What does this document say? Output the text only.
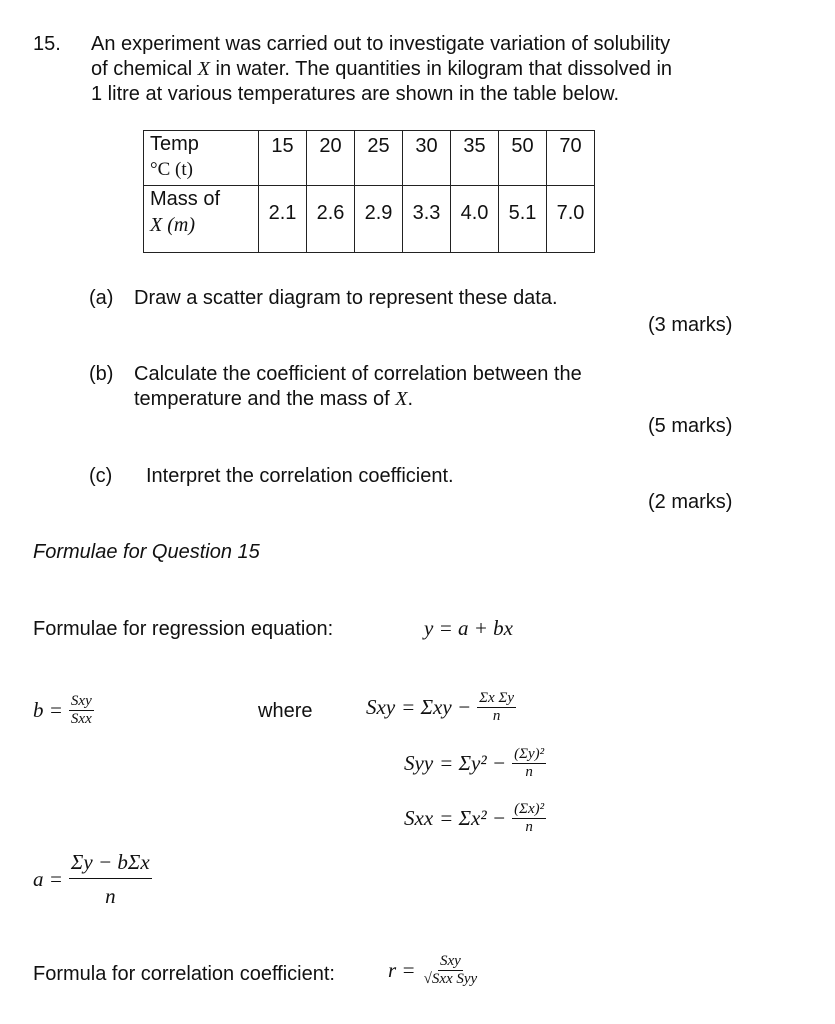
15. An experiment was carried out to investigate variation of solubility
of chemical X in water. The quantities in kilogram that dissolved in
1 litre at various temperatures are shown in the table below.
Temp
°C (t)	15	20	25	30	35	50	70

Mass of
X (m)	2.1	2.6	2.9	3.3	4.0	5.1	7.0
(a) Draw a scatter diagram to represent these data.
(3 marks)
(b) Calculate the coefficient of correlation between the
temperature and the mass of X.
(5 marks)
(c) Interpret the correlation coefficient.
(2 marks)
Formulae for Question 15
Formulae for regression equation:	y = a + bx
$b = \frac{\text{Sxy}}{\text{Sxx}}$	where	Sxy = $\Sigma xy - \frac{\text{Σx Σy}}{n}$
Syy = $\Sigma y^2 - \frac{\text{(Σy)²}}{n}$
Sxx = $\Sigma x^2 - \frac{\text{(Σx)²}}{n}$
$a = \frac{\text{Σy − bΣx}}{n}$
Formula for correlation coefficient:	$r = \frac{\text{Sxy}}{\text{√Sxx Syy}}$
